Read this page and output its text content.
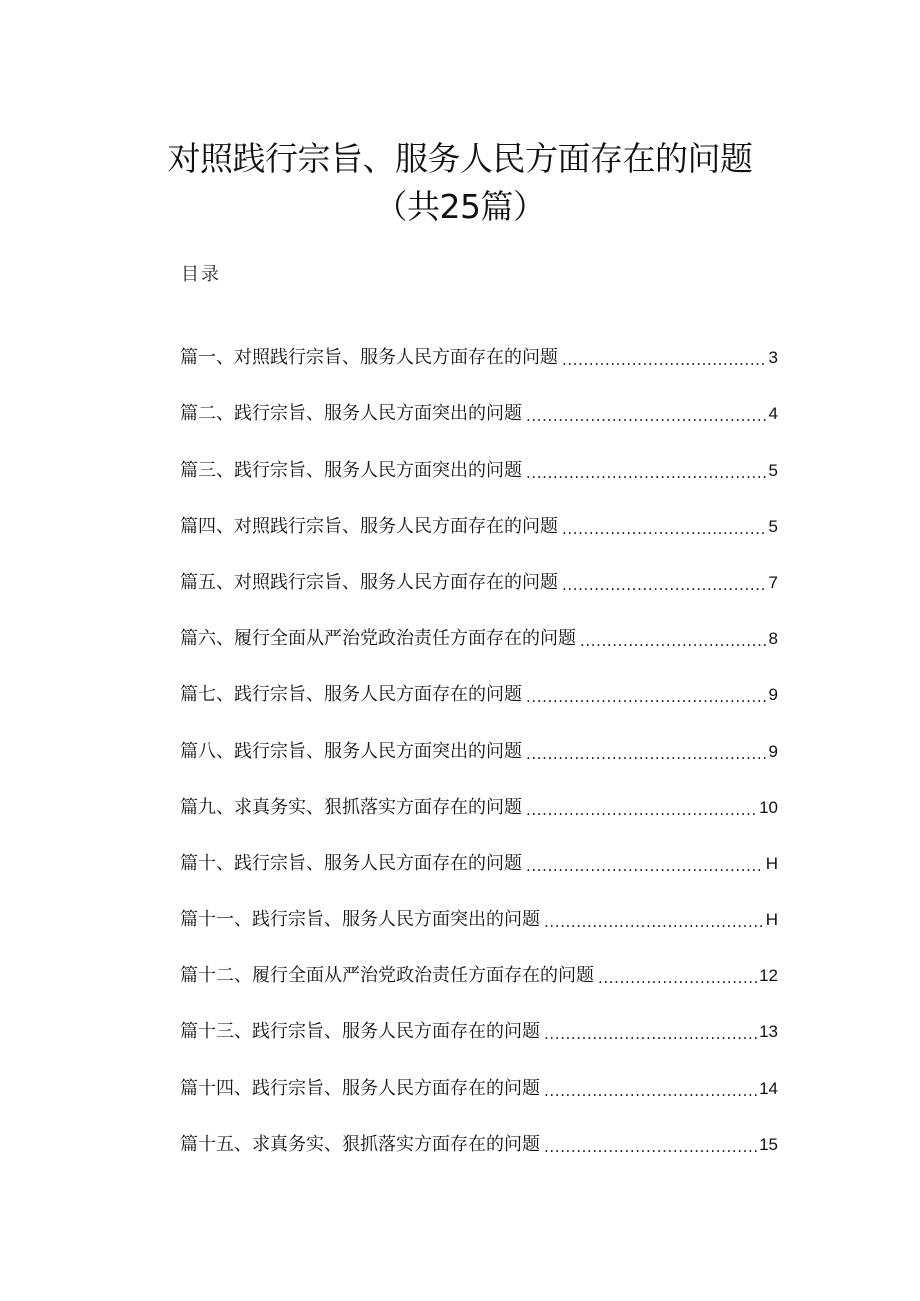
对照践行宗旨、服务人民方面存在的问题
（共25篇）
目录
篇一、对照践行宗旨、服务人民方面存在的问题 .....	3
篇二、践行宗旨、服务人民方面突出的问题 .....	4
篇三、践行宗旨、服务人民方面突出的问题 .....	5
篇四、对照践行宗旨、服务人民方面存在的问题 .....	5
篇五、对照践行宗旨、服务人民方面存在的问题 .....	7
篇六、履行全面从严治党政治责任方面存在的问题 .....	8
篇七、践行宗旨、服务人民方面存在的问题 .....	9
篇八、践行宗旨、服务人民方面突出的问题 .....	9
篇九、求真务实、狠抓落实方面存在的问题 .....	10
篇十、践行宗旨、服务人民方面存在的问题 .....	H
篇十一、践行宗旨、服务人民方面突出的问题 .....	H
篇十二、履行全面从严治党政治责任方面存在的问题 .....	12
篇十三、践行宗旨、服务人民方面存在的问题 .....	13
篇十四、践行宗旨、服务人民方面存在的问题 .....	14
篇十五、求真务实、狠抓落实方面存在的问题 .....	15
